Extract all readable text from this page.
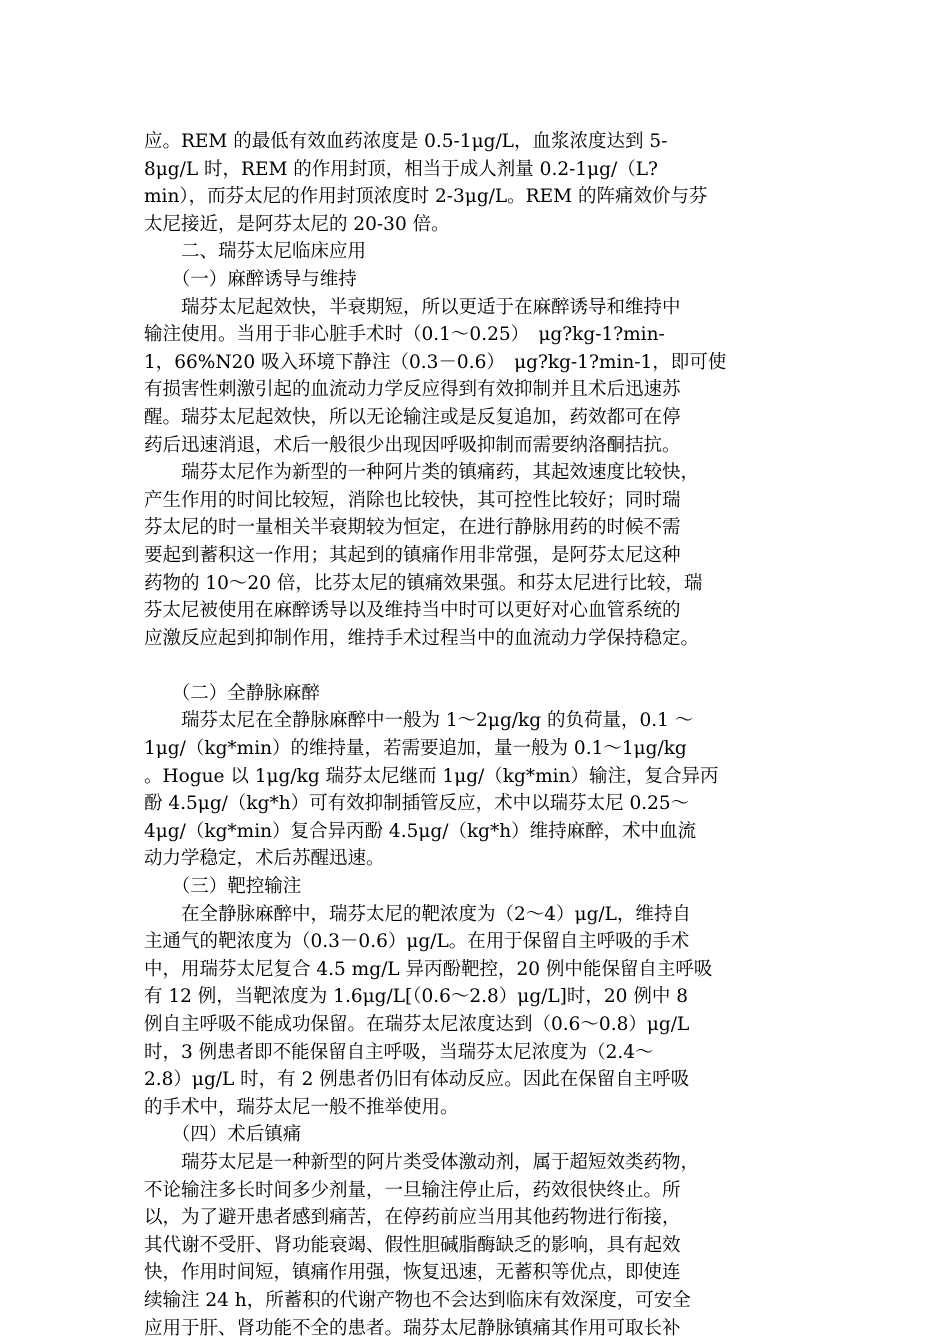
应。REM 的最低有效血药浓度是 0.5-1μg/L，血浆浓度达到 5-
8μg/L 时，REM 的作用封顶，相当于成人剂量 0.2-1μg/（L?
min），而芬太尼的作用封顶浓度时 2-3μg/L。REM 的阵痛效价与芬
太尼接近，是阿芬太尼的 20-30 倍。
　　二、瑞芬太尼临床应用
　　（一）麻醉诱导与维持
　　瑞芬太尼起效快，半衰期短，所以更适于在麻醉诱导和维持中
输注使用。当用于非心脏手术时（0.1～0.25）　μg?kg-1?min-
1，66%N20 吸入环境下静注（0.3－0.6）　μg?kg-1?min-1，即可使
有损害性刺激引起的血流动力学反应得到有效抑制并且术后迅速苏
醒。瑞芬太尼起效快，所以无论输注或是反复追加，药效都可在停
药后迅速消退，术后一般很少出现因呼吸抑制而需要纳洛酮拮抗。
　　瑞芬太尼作为新型的一种阿片类的镇痛药，其起效速度比较快，
产生作用的时间比较短，消除也比较快，其可控性比较好；同时瑞
芬太尼的时一量相关半衰期较为恒定，在进行静脉用药的时候不需
要起到蓄积这一作用；其起到的镇痛作用非常强，是阿芬太尼这种
药物的 10～20 倍，比芬太尼的镇痛效果强。和芬太尼进行比较，瑞
芬太尼被使用在麻醉诱导以及维持当中时可以更好对心血管系统的
应激反应起到抑制作用，维持手术过程当中的血流动力学保持稳定。
　　（二）全静脉麻醉
　　瑞芬太尼在全静脉麻醉中一般为 1～2μg/kg 的负荷量，0.1 ～
1μg/（kg*min）的维持量，若需要追加，量一般为 0.1～1μg/kg
。Hogue 以 1μg/kg 瑞芬太尼继而 1μg/（kg*min）输注，复合异丙
酚 4.5μg/（kg*h）可有效抑制插管反应，术中以瑞芬太尼 0.25～
4μg/（kg*min）复合异丙酚 4.5μg/（kg*h）维持麻醉，术中血流
动力学稳定，术后苏醒迅速。
　　（三）靶控输注
　　在全静脉麻醉中，瑞芬太尼的靶浓度为（2～4）μg/L，维持自
主通气的靶浓度为（0.3－0.6）μg/L。在用于保留自主呼吸的手术
中，用瑞芬太尼复合 4.5 mg/L 异丙酚靶控，20 例中能保留自主呼吸
有 12 例，当靶浓度为 1.6μg/L[（0.6～2.8）μg/L]时，20 例中 8
例自主呼吸不能成功保留。在瑞芬太尼浓度达到（0.6～0.8）μg/L
时，3 例患者即不能保留自主呼吸，当瑞芬太尼浓度为（2.4～
2.8）μg/L 时，有 2 例患者仍旧有体动反应。因此在保留自主呼吸
的手术中，瑞芬太尼一般不推举使用。
　　（四）术后镇痛
　　瑞芬太尼是一种新型的阿片类受体激动剂，属于超短效类药物，
不论输注多长时间多少剂量，一旦输注停止后，药效很快终止。所
以，为了避开患者感到痛苦，在停药前应当用其他药物进行衔接，
其代谢不受肝、肾功能衰竭、假性胆碱脂酶缺乏的影响，具有起效
快，作用时间短，镇痛作用强，恢复迅速，无蓄积等优点，即使连
续输注 24 h，所蓄积的代谢产物也不会达到临床有效深度，可安全
应用于肝、肾功能不全的患者。瑞芬太尼静脉镇痛其作用可取长补
